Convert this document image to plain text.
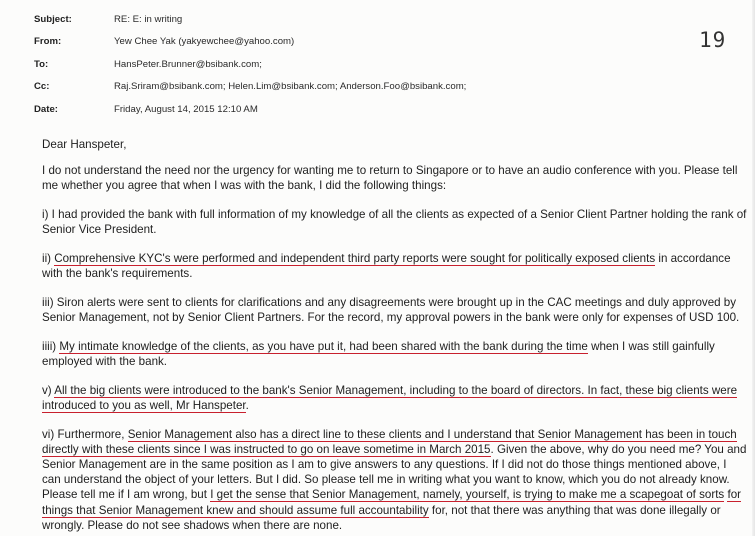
Subject:	RE: E: in writing
From:	Yew Chee Yak (yakyewchee@yahoo.com)
To:	HansPeter.Brunner@bsibank.com;
Cc:	Raj.Sriram@bsibank.com; Helen.Lim@bsibank.com; Anderson.Foo@bsibank.com;
Date:	Friday, August 14, 2015 12:10 AM
19

Dear Hanspeter,

I do not understand the need nor the urgency for wanting me to return to Singapore or to have an audio conference with you. Please tell me whether you agree that when I was with the bank, I did the following things:

i) I had provided the bank with full information of my knowledge of all the clients as expected of a Senior Client Partner holding the rank of Senior Vice President.

ii) Comprehensive KYC's were performed and independent third party reports were sought for politically exposed clients in accordance with the bank's requirements.

iii) Siron alerts were sent to clients for clarifications and any disagreements were brought up in the CAC meetings and duly approved by Senior Management, not by Senior Client Partners. For the record, my approval powers in the bank were only for expenses of USD 100.

iiii) My intimate knowledge of the clients, as you have put it, had been shared with the bank during the time when I was still gainfully employed with the bank.

v) All the big clients were introduced to the bank's Senior Management, including to the board of directors. In fact, these big clients were introduced to you as well, Mr Hanspeter.

vi) Furthermore, Senior Management also has a direct line to these clients and I understand that Senior Management has been in touch directly with these clients since I was instructed to go on leave sometime in March 2015. Given the above, why do you need me? You and Senior Management are in the same position as I am to give answers to any questions. If I did not do those things mentioned above, I can understand the object of your letters. But I did. So please tell me in writing what you want to know, which you do not already know. Please tell me if I am wrong, but I get the sense that Senior Management, namely, yourself, is trying to make me a scapegoat of sorts for things that Senior Management knew and should assume full accountability for, not that there was anything that was done illegally or wrongly. Please do not see shadows when there are none.
